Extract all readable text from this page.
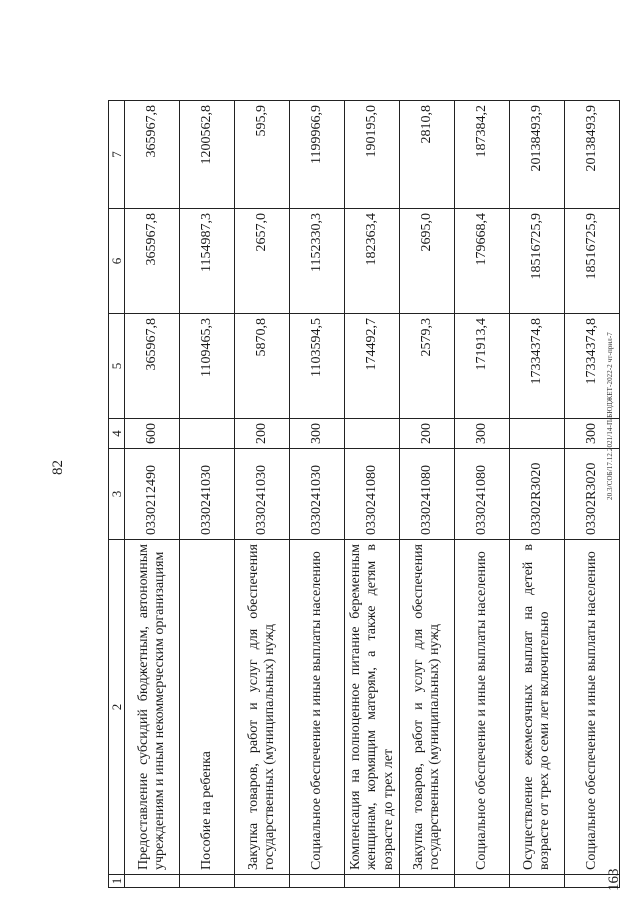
82
1	2	3	4	5	6	7
	Предоставление субсидий бюджетным, автономным учреждениям и иным некоммерческим организациям	0330212490	600	365967,8	365967,8	365967,8
	Пособие на ребенка	0330241030		1109465,3	1154987,3	1200562,8
	Закупка товаров, работ и услуг для обеспечения государственных (муниципальных) нужд	0330241030	200	5870,8	2657,0	595,9
	Социальное обеспечение и иные выплаты населению	0330241030	300	1103594,5	1152330,3	1199966,9
	Компенсация на полноценное питание беременным женщинам, кормящим матерям, а также детям в возрасте до трех лет	0330241080		174492,7	182363,4	190195,0
	Закупка товаров, работ и услуг для обеспечения государственных (муниципальных) нужд	0330241080	200	2579,3	2695,0	2810,8
	Социальное обеспечение и иные выплаты населению	0330241080	300	171913,4	179668,4	187384,2
	Осуществление ежемесячных выплат на детей в возрасте от трех до семи лет включительно	03302R3020		17334374,8	18516725,9	20138493,9
	Социальное обеспечение и иные выплаты населению	03302R3020	300	17334374,8	18516725,9	20138493,9
163
20.3/СОБ/17.12.2021/14-П/БЮДЖЕТ-2022-2 чт-прил-7
